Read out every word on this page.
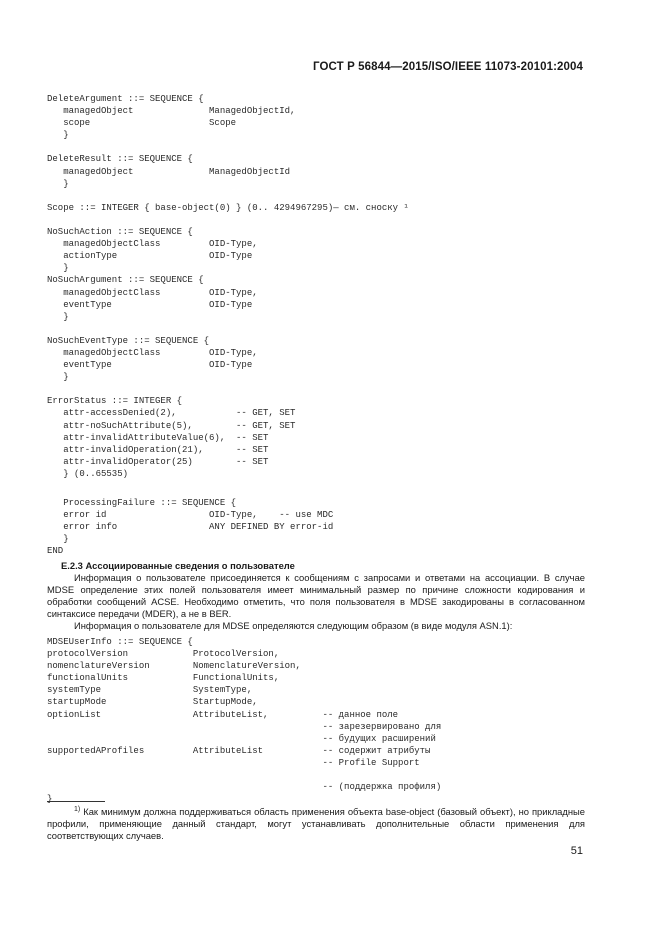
ГОСТ Р 56844—2015/ISO/IEEE 11073-20101:2004
DeleteArgument ::= SEQUENCE {
managedObject              ManagedObjectId,
scope                      Scope
}

DeleteResult ::= SEQUENCE {
managedObject              ManagedObjectId
}

Scope ::= INTEGER { base-object(0) } (0.. 4294967295)— см. сноску ¹

NoSuchAction ::= SEQUENCE {
managedObjectClass         OID-Type,
actionType                 OID-Type
}
NoSuchArgument ::= SEQUENCE {
managedObjectClass         OID-Type,
eventType                  OID-Type
}

NoSuchEventType ::= SEQUENCE {
managedObjectClass         OID-Type,
eventType                  OID-Type
}

ErrorStatus ::= INTEGER {
attr-accessDenied(2),           -- GET, SET
attr-noSuchAttribute(5),        -- GET, SET
attr-invalidAttributeValue(6),  -- SET
attr-invalidOperation(21),      -- SET
attr-invalidOperator(25)        -- SET
} (0..65535)
ProcessingFailure ::= SEQUENCE {
error id                   OID-Type,    -- use MDC
error info                 ANY DEFINED BY error-id
}
END
Е.2.3 Ассоциированные сведения о пользователе

Информация о пользователе присоединяется к сообщениям с запросами и ответами на ассоциации. В случае MDSE определение этих полей пользователя имеет минимальный размер по причине сложности кодирования и обработки сообщений ACSE. Необходимо отметить, что поля пользователя в MDSE закодированы в согласованном синтаксисе передачи (MDER), а не в BER.

Информация о пользователе для MDSE определяются следующим образом (в виде модуля ASN.1):

MDSEUserInfo ::= SEQUENCE {
protocolVersion            ProtocolVersion,
nomenclatureVersion        NomenclatureVersion,
functionalUnits            FunctionalUnits,
systemType                 SystemType,
startupMode                StartupMode,
optionList                 AttributeList,          -- данное поле
-- зарезервировано для
-- будущих расширений
supportedAProfiles         AttributeList           -- содержит атрибуты
-- Profile Support

-- (поддержка профиля)
}
$^{1)}$ Как минимум должна поддерживаться область применения объекта base-object (базовый объект), но прикладные профили, применяющие данный стандарт, могут устанавливать дополнительные области применения для соответствующих случаев.
51
